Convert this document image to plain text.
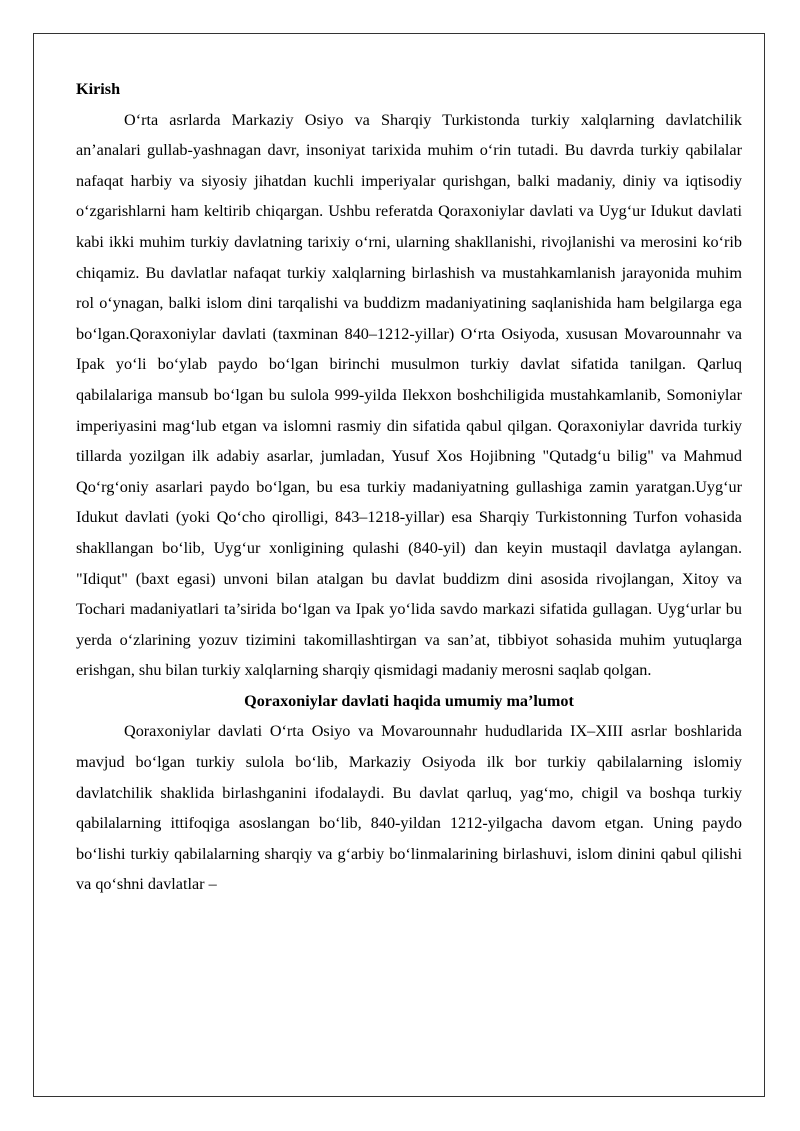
Kirish

O‘rta asrlarda Markaziy Osiyo va Sharqiy Turkistonda turkiy xalqlarning davlatchilik an’analari gullab-yashnagan davr, insoniyat tarixida muhim o‘rin tutadi. Bu davrda turkiy qabilalar nafaqat harbiy va siyosiy jihatdan kuchli imperiyalar qurishgan, balki madaniy, diniy va iqtisodiy o‘zgarishlarni ham keltirib chiqargan. Ushbu referatda Qoraxoniylar davlati va Uyg‘ur Idukut davlati kabi ikki muhim turkiy davlatning tarixiy o‘rni, ularning shakllanishi, rivojlanishi va merosini ko‘rib chiqamiz. Bu davlatlar nafaqat turkiy xalqlarning birlashish va mustahkamlanish jarayonida muhim rol o‘ynagan, balki islom dini tarqalishi va buddizm madaniyatining saqlanishida ham belgilarga ega bo‘lgan.Qoraxoniylar davlati (taxminan 840–1212-yillar) O‘rta Osiyoda, xususan Movarounnahr va Ipak yo‘li bo‘ylab paydo bo‘lgan birinchi musulmon turkiy davlat sifatida tanilgan. Qarluq qabilalariga mansub bo‘lgan bu sulola 999-yilda Ilekxon boshchiligida mustahkamlanib, Somoniylar imperiyasini mag‘lub etgan va islomni rasmiy din sifatida qabul qilgan. Qoraxoniylar davrida turkiy tillarda yozilgan ilk adabiy asarlar, jumladan, Yusuf Xos Hojibning "Qutadg‘u bilig" va Mahmud Qo‘rg‘oniy asarlari paydo bo‘lgan, bu esa turkiy madaniyatning gullashiga zamin yaratgan.Uyg‘ur Idukut davlati (yoki Qo‘cho qirolligi, 843–1218-yillar) esa Sharqiy Turkistonning Turfon vohasida shakllangan bo‘lib, Uyg‘ur xonligining qulashi (840-yil) dan keyin mustaqil davlatga aylangan. "Idiqut" (baxt egasi) unvoni bilan atalgan bu davlat buddizm dini asosida rivojlangan, Xitoy va Tochari madaniyatlari ta’sirida bo‘lgan va Ipak yo‘lida savdo markazi sifatida gullagan. Uyg‘urlar bu yerda o‘zlarining yozuv tizimini takomillashtirgan va san’at, tibbiyot sohasida muhim yutuqlarga erishgan, shu bilan turkiy xalqlarning sharqiy qismidagi madaniy merosni saqlab qolgan.

Qoraxoniylar davlati haqida umumiy ma’lumot

Qoraxoniylar davlati O‘rta Osiyo va Movarounnahr hududlarida IX–XIII asrlar boshlarida mavjud bo‘lgan turkiy sulola bo‘lib, Markaziy Osiyoda ilk bor turkiy qabilalarning islomiy davlatchilik shaklida birlashganini ifodalaydi. Bu davlat qarluq, yag‘mo, chigil va boshqa turkiy qabilalarning ittifoqiga asoslangan bo‘lib, 840-yildan 1212-yilgacha davom etgan. Uning paydo bo‘lishi turkiy qabilalarning sharqiy va g‘arbiy bo‘linmalarining birlashuvi, islom dinini qabul qilishi va qo‘shni davlatlar –
